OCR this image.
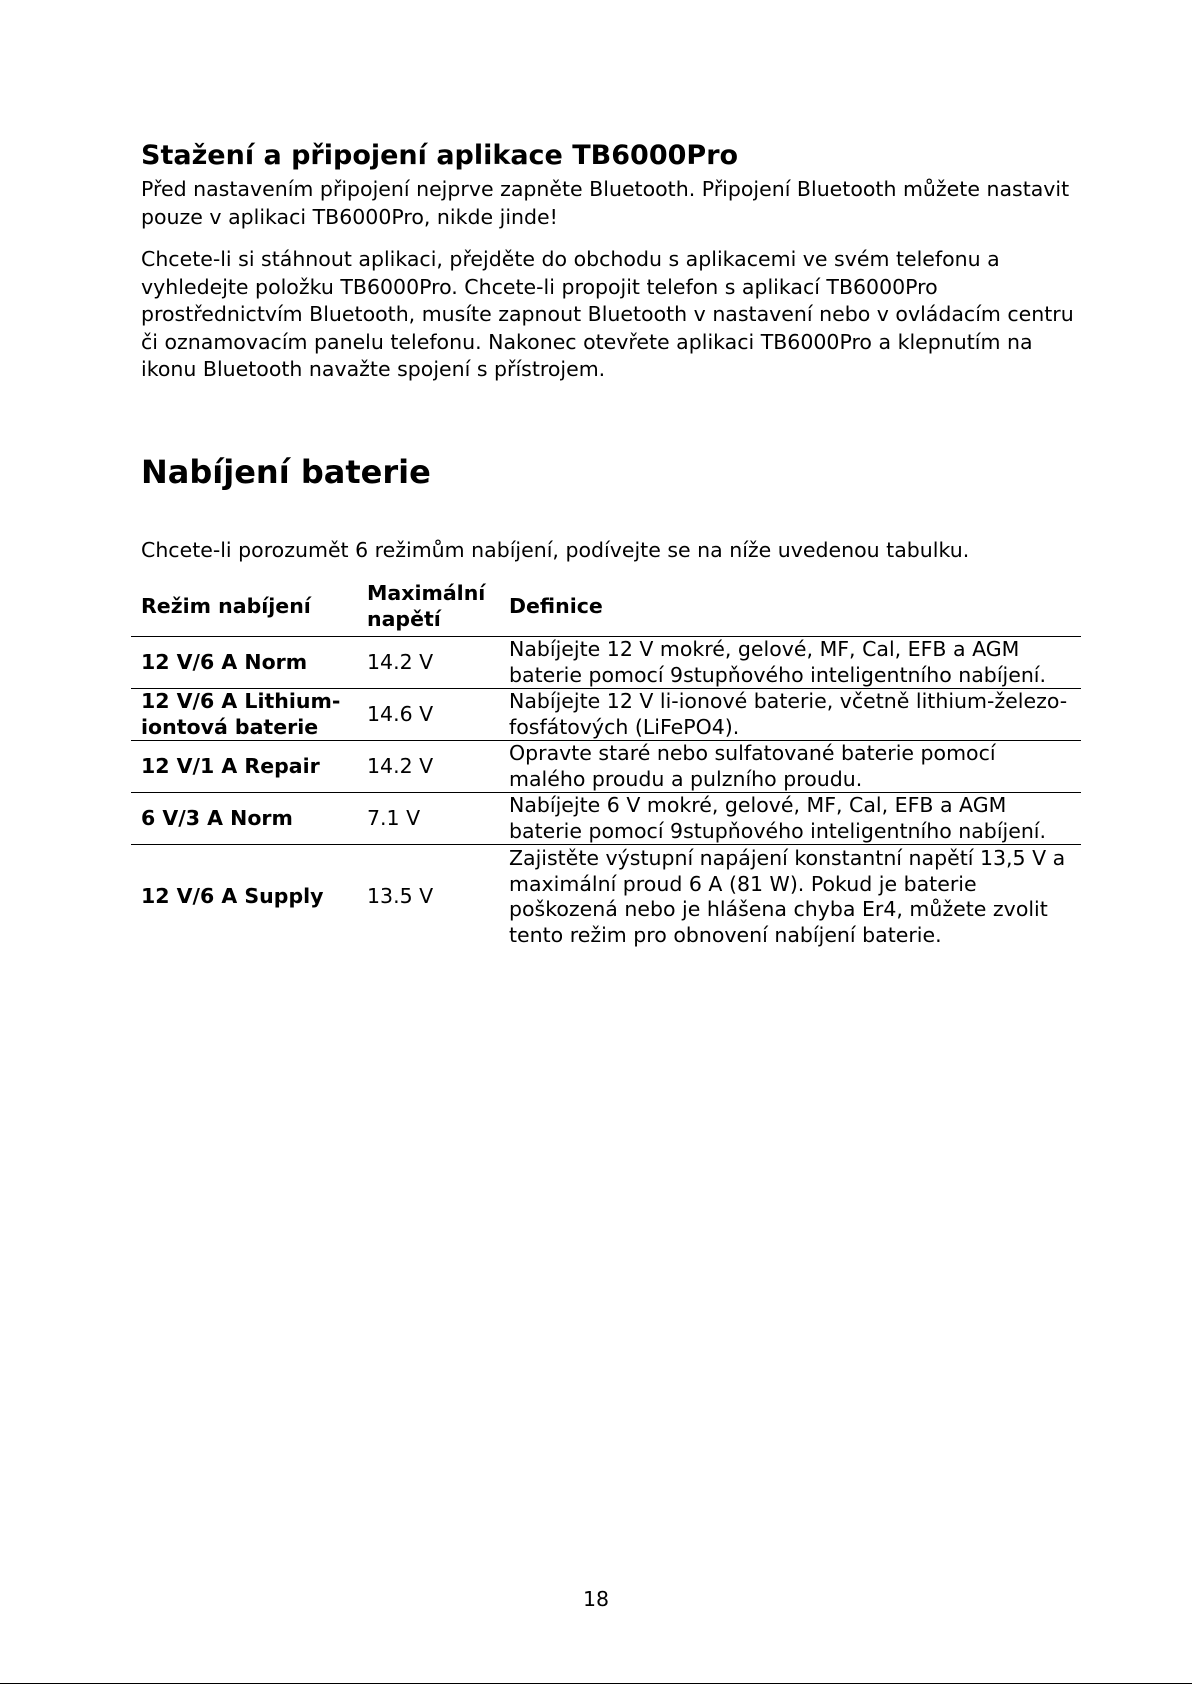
Stažení a připojení aplikace TB6000Pro

Před nastavením připojení nejprve zapněte Bluetooth. Připojení Bluetooth můžete nastavit pouze v aplikaci TB6000Pro, nikde jinde!

Chcete-li si stáhnout aplikaci, přejděte do obchodu s aplikacemi ve svém telefonu a vyhledejte položku TB6000Pro. Chcete-li propojit telefon s aplikací TB6000Pro prostřednictvím Bluetooth, musíte zapnout Bluetooth v nastavení nebo v ovládacím centru či oznamovacím panelu telefonu. Nakonec otevřete aplikaci TB6000Pro a klepnutím na ikonu Bluetooth navažte spojení s přístrojem.

Nabíjení baterie

Chcete-li porozumět 6 režimům nabíjení, podívejte se na níže uvedenou tabulku.

Režim nabíjení	Maximální napětí	Definice
12 V/6 A Norm	14.2 V	Nabíjejte 12 V mokré, gelové, MF, Cal, EFB a AGM baterie pomocí 9stupňového inteligentního nabíjení.
12 V/6 A Lithium-iontová baterie	14.6 V	Nabíjejte 12 V li-ionové baterie, včetně lithium-železo-fosfátových (LiFePO4).
12 V/1 A Repair	14.2 V	Opravte staré nebo sulfatované baterie pomocí malého proudu a pulzního proudu.
6 V/3 A Norm	7.1 V	Nabíjejte 6 V mokré, gelové, MF, Cal, EFB a AGM baterie pomocí 9stupňového inteligentního nabíjení.
12 V/6 A Supply	13.5 V	Zajistěte výstupní napájení konstantní napětí 13,5 V a maximální proud 6 A (81 W). Pokud je baterie poškozená nebo je hlášena chyba Er4, můžete zvolit tento režim pro obnovení nabíjení baterie.
18
